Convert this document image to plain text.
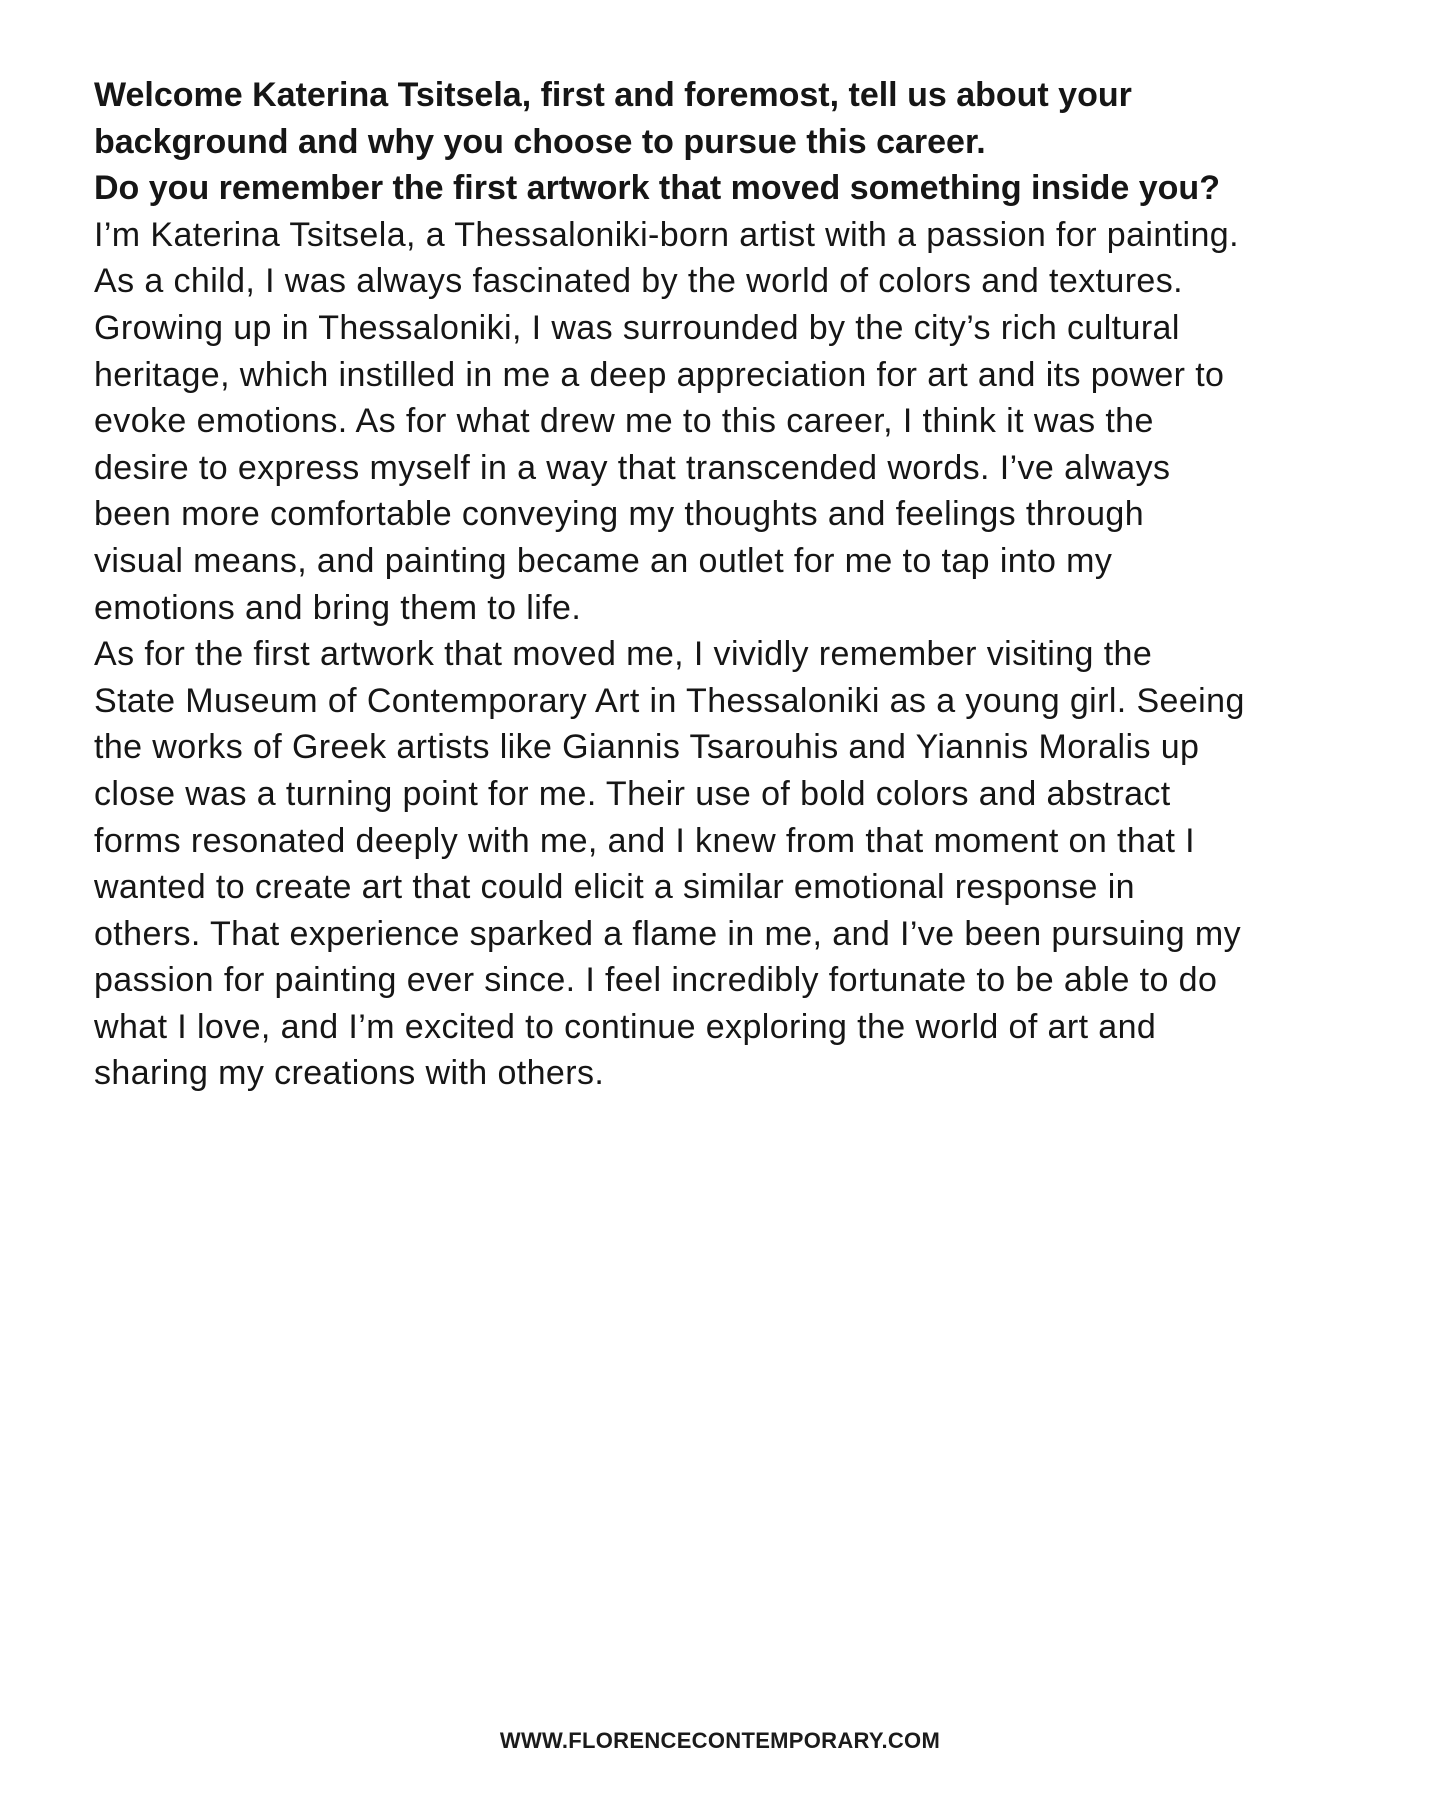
Welcome Katerina Tsitsela, first and foremost, tell us about your
background and why you choose to pursue this career.
Do you remember the first artwork that moved something inside you?

I’m Katerina Tsitsela, a Thessaloniki-born artist with a passion for painting.
As a child, I was always fascinated by the world of colors and textures.
Growing up in Thessaloniki, I was surrounded by the city’s rich cultural
heritage, which instilled in me a deep appreciation for art and its power to
evoke emotions. As for what drew me to this career, I think it was the
desire to express myself in a way that transcended words. I’ve always
been more comfortable conveying my thoughts and feelings through
visual means, and painting became an outlet for me to tap into my
emotions and bring them to life.

As for the first artwork that moved me, I vividly remember visiting the
State Museum of Contemporary Art in Thessaloniki as a young girl. Seeing
the works of Greek artists like Giannis Tsarouhis and Yiannis Moralis up
close was a turning point for me. Their use of bold colors and abstract
forms resonated deeply with me, and I knew from that moment on that I
wanted to create art that could elicit a similar emotional response in
others. That experience sparked a flame in me, and I’ve been pursuing my
passion for painting ever since. I feel incredibly fortunate to be able to do
what I love, and I’m excited to continue exploring the world of art and
sharing my creations with others.

WWW.FLORENCECONTEMPORARY.COM
